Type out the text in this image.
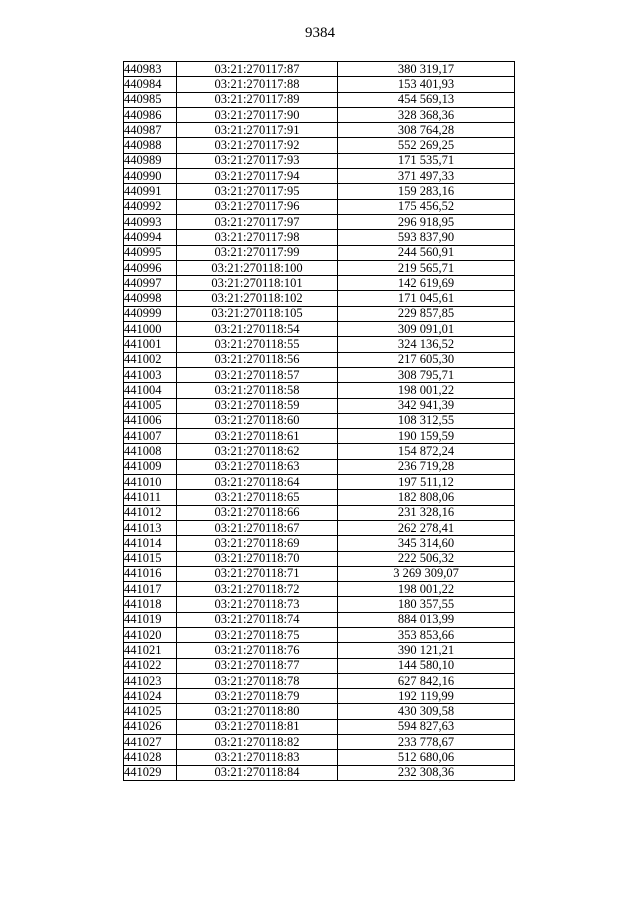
9384
440983	03:21:270117:87	380 319,17
440984	03:21:270117:88	153 401,93
440985	03:21:270117:89	454 569,13
440986	03:21:270117:90	328 368,36
440987	03:21:270117:91	308 764,28
440988	03:21:270117:92	552 269,25
440989	03:21:270117:93	171 535,71
440990	03:21:270117:94	371 497,33
440991	03:21:270117:95	159 283,16
440992	03:21:270117:96	175 456,52
440993	03:21:270117:97	296 918,95
440994	03:21:270117:98	593 837,90
440995	03:21:270117:99	244 560,91
440996	03:21:270118:100	219 565,71
440997	03:21:270118:101	142 619,69
440998	03:21:270118:102	171 045,61
440999	03:21:270118:105	229 857,85
441000	03:21:270118:54	309 091,01
441001	03:21:270118:55	324 136,52
441002	03:21:270118:56	217 605,30
441003	03:21:270118:57	308 795,71
441004	03:21:270118:58	198 001,22
441005	03:21:270118:59	342 941,39
441006	03:21:270118:60	108 312,55
441007	03:21:270118:61	190 159,59
441008	03:21:270118:62	154 872,24
441009	03:21:270118:63	236 719,28
441010	03:21:270118:64	197 511,12
441011	03:21:270118:65	182 808,06
441012	03:21:270118:66	231 328,16
441013	03:21:270118:67	262 278,41
441014	03:21:270118:69	345 314,60
441015	03:21:270118:70	222 506,32
441016	03:21:270118:71	3 269 309,07
441017	03:21:270118:72	198 001,22
441018	03:21:270118:73	180 357,55
441019	03:21:270118:74	884 013,99
441020	03:21:270118:75	353 853,66
441021	03:21:270118:76	390 121,21
441022	03:21:270118:77	144 580,10
441023	03:21:270118:78	627 842,16
441024	03:21:270118:79	192 119,99
441025	03:21:270118:80	430 309,58
441026	03:21:270118:81	594 827,63
441027	03:21:270118:82	233 778,67
441028	03:21:270118:83	512 680,06
441029	03:21:270118:84	232 308,36
